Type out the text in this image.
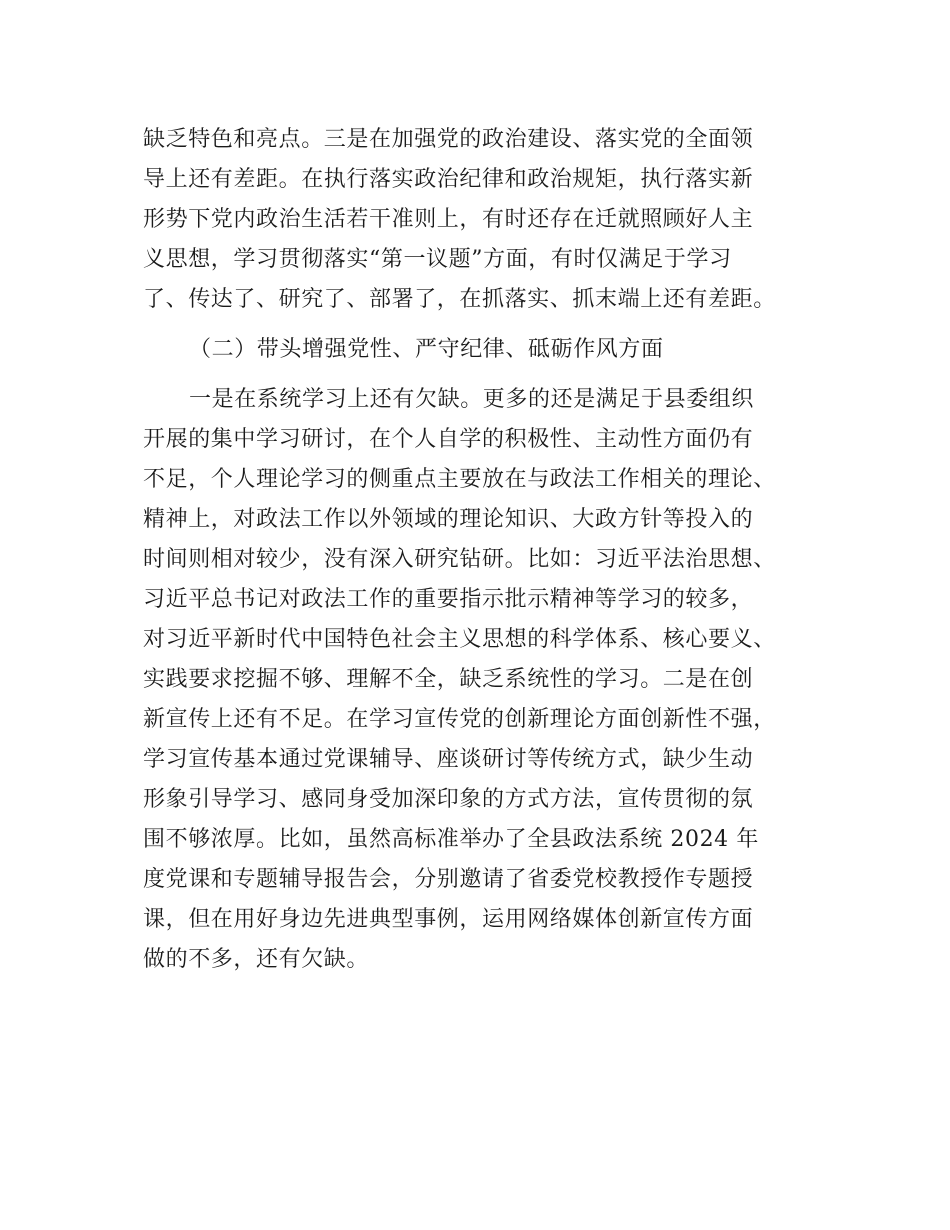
缺乏特色和亮点。三是在加强党的政治建设、落实党的全面领
导上还有差距。在执行落实政治纪律和政治规矩，执行落实新
形势下党内政治生活若干准则上，有时还存在迁就照顾好人主
义思想，学习贯彻落实“第一议题”方面，有时仅满足于学习
了、传达了、研究了、部署了，在抓落实、抓末端上还有差距。
（二）带头增强党性、严守纪律、砥砺作风方面
一是在系统学习上还有欠缺。更多的还是满足于县委组织
开展的集中学习研讨，在个人自学的积极性、主动性方面仍有
不足，个人理论学习的侧重点主要放在与政法工作相关的理论、
精神上，对政法工作以外领域的理论知识、大政方针等投入的
时间则相对较少，没有深入研究钻研。比如：习近平法治思想、
习近平总书记对政法工作的重要指示批示精神等学习的较多，
对习近平新时代中国特色社会主义思想的科学体系、核心要义、
实践要求挖掘不够、理解不全，缺乏系统性的学习。二是在创
新宣传上还有不足。在学习宣传党的创新理论方面创新性不强，
学习宣传基本通过党课辅导、座谈研讨等传统方式，缺少生动
形象引导学习、感同身受加深印象的方式方法，宣传贯彻的氛
围不够浓厚。比如，虽然高标准举办了全县政法系统 2024 年
度党课和专题辅导报告会，分别邀请了省委党校教授作专题授
课，但在用好身边先进典型事例，运用网络媒体创新宣传方面
做的不多，还有欠缺。
